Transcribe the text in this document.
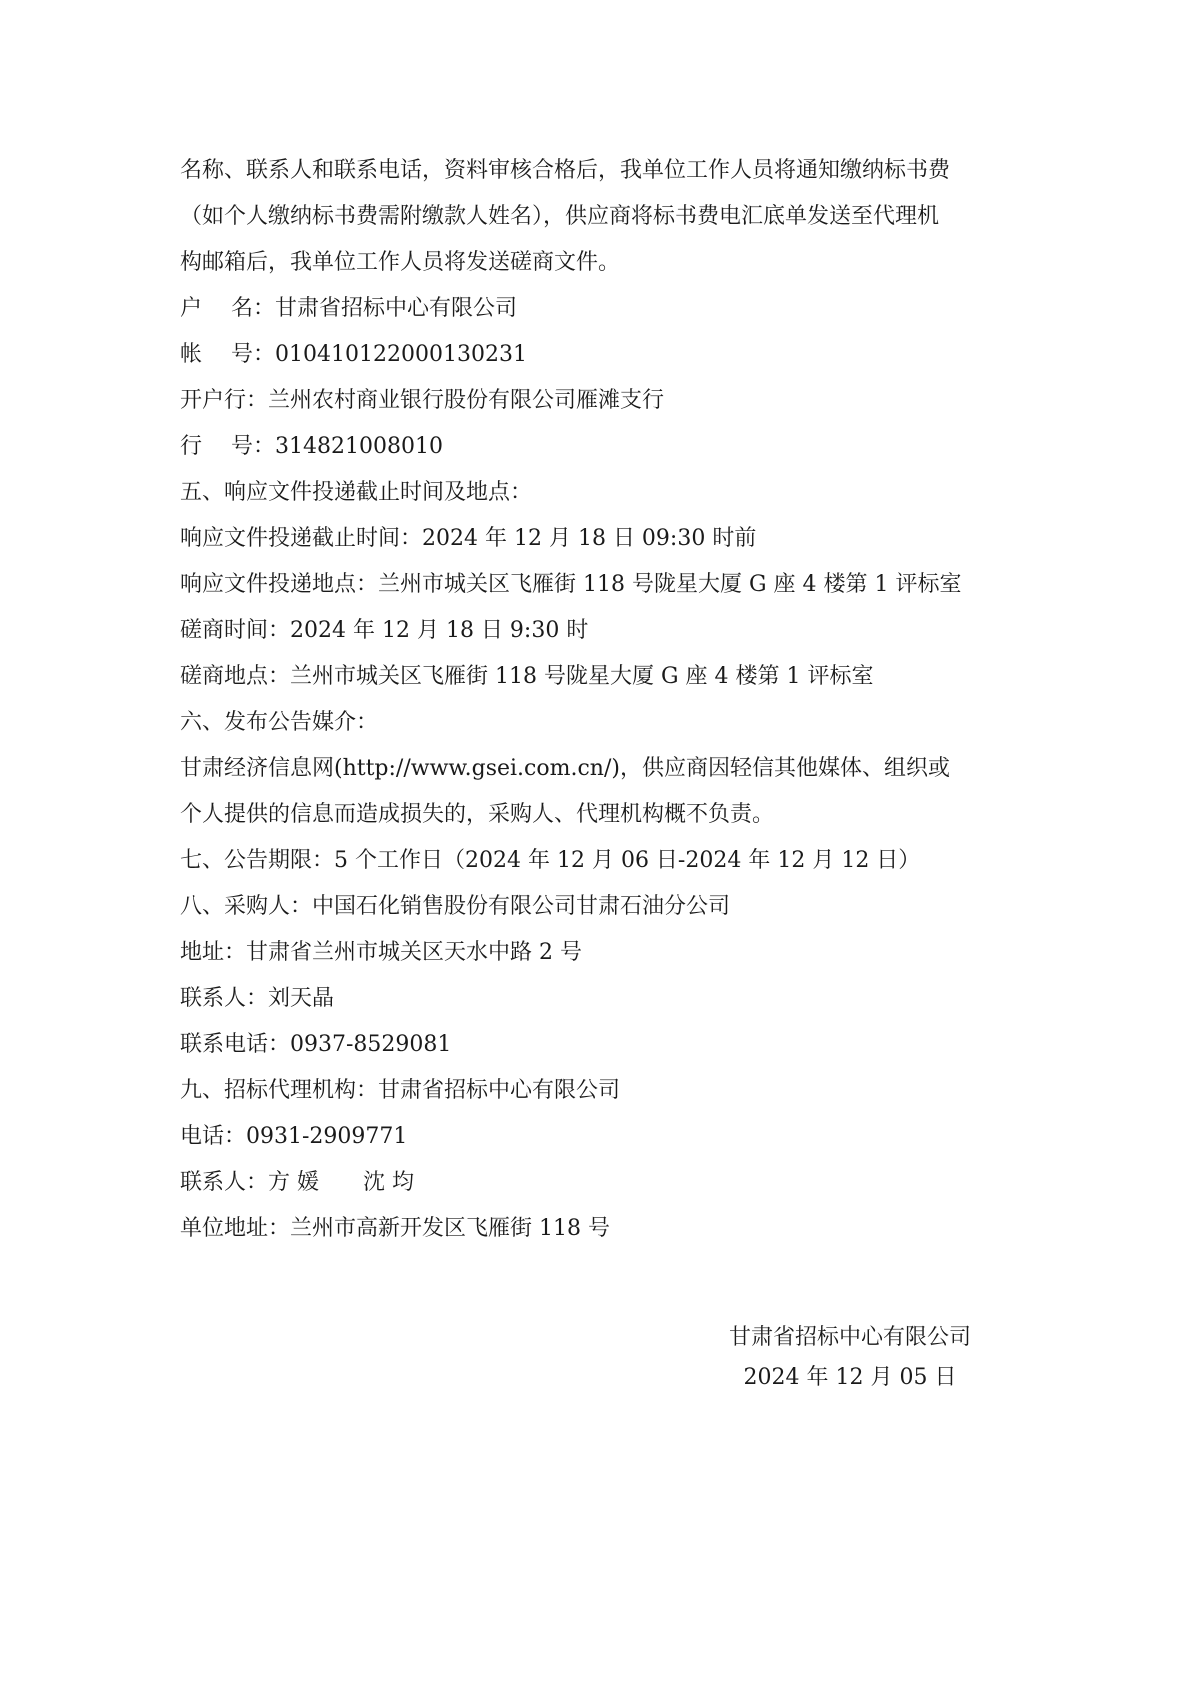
名称、联系人和联系电话，资料审核合格后，我单位工作人员将通知缴纳标书费
（如个人缴纳标书费需附缴款人姓名），供应商将标书费电汇底单发送至代理机
构邮箱后，我单位工作人员将发送磋商文件。
户　 名：甘肃省招标中心有限公司
帐　 号：010410122000130231
开户行：兰州农村商业银行股份有限公司雁滩支行
行　 号：314821008010
五、响应文件投递截止时间及地点：
响应文件投递截止时间：2024 年 12 月 18 日 09:30 时前
响应文件投递地点：兰州市城关区飞雁街 118 号陇星大厦 G 座 4 楼第 1 评标室
磋商时间：2024 年 12 月 18 日 9:30 时
磋商地点：兰州市城关区飞雁街 118 号陇星大厦 G 座 4 楼第 1 评标室
六、发布公告媒介：
甘肃经济信息网(http://www.gsei.com.cn/)，供应商因轻信其他媒体、组织或
个人提供的信息而造成损失的，采购人、代理机构概不负责。
七、公告期限：5 个工作日（2024 年 12 月 06 日-2024 年 12 月 12 日）
八、采购人：中国石化销售股份有限公司甘肃石油分公司
地址：甘肃省兰州市城关区天水中路 2 号
联系人：刘天晶
联系电话：0937-8529081
九、招标代理机构：甘肃省招标中心有限公司
电话：0931-2909771
联系人：方 媛　　沈 均
单位地址：兰州市高新开发区飞雁街 118 号
甘肃省招标中心有限公司
2024 年 12 月 05 日
